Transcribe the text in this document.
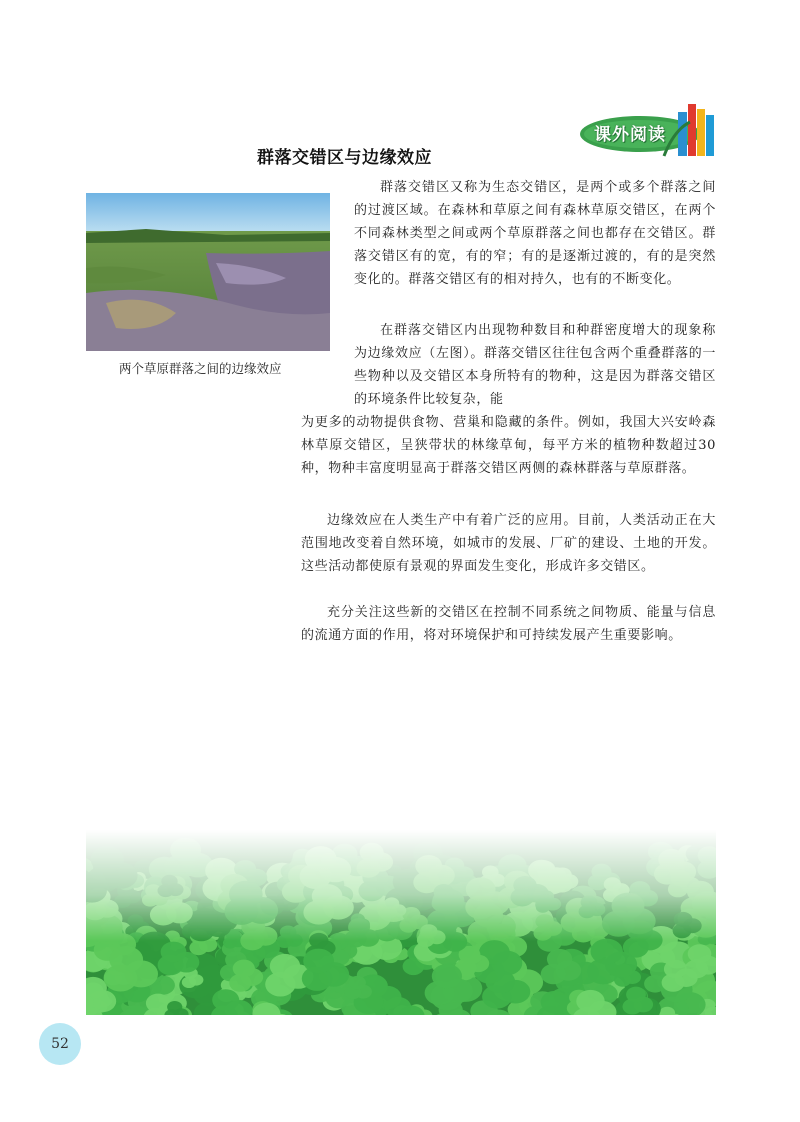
课外阅读
群落交错区与边缘效应
两个草原群落之间的边缘效应
群落交错区又称为生态交错区，是两个或多个群落之间的过渡区域。在森林和草原之间有森林草原交错区，在两个不同森林类型之间或两个草原群落之间也都存在交错区。群落交错区有的宽，有的窄；有的是逐渐过渡的，有的是突然变化的。群落交错区有的相对持久，也有的不断变化。
在群落交错区内出现物种数目和种群密度增大的现象称为边缘效应（左图）。群落交错区往往包含两个重叠群落的一些物种以及交错区本身所特有的物种，这是因为群落交错区的环境条件比较复杂，能
为更多的动物提供食物、营巢和隐藏的条件。例如，我国大兴安岭森林草原交错区，呈狭带状的林缘草甸，每平方米的植物种数超过30种，物种丰富度明显高于群落交错区两侧的森林群落与草原群落。
边缘效应在人类生产中有着广泛的应用。目前，人类活动正在大范围地改变着自然环境，如城市的发展、厂矿的建设、土地的开发。这些活动都使原有景观的界面发生变化，形成许多交错区。
充分关注这些新的交错区在控制不同系统之间物质、能量与信息的流通方面的作用，将对环境保护和可持续发展产生重要影响。
52
